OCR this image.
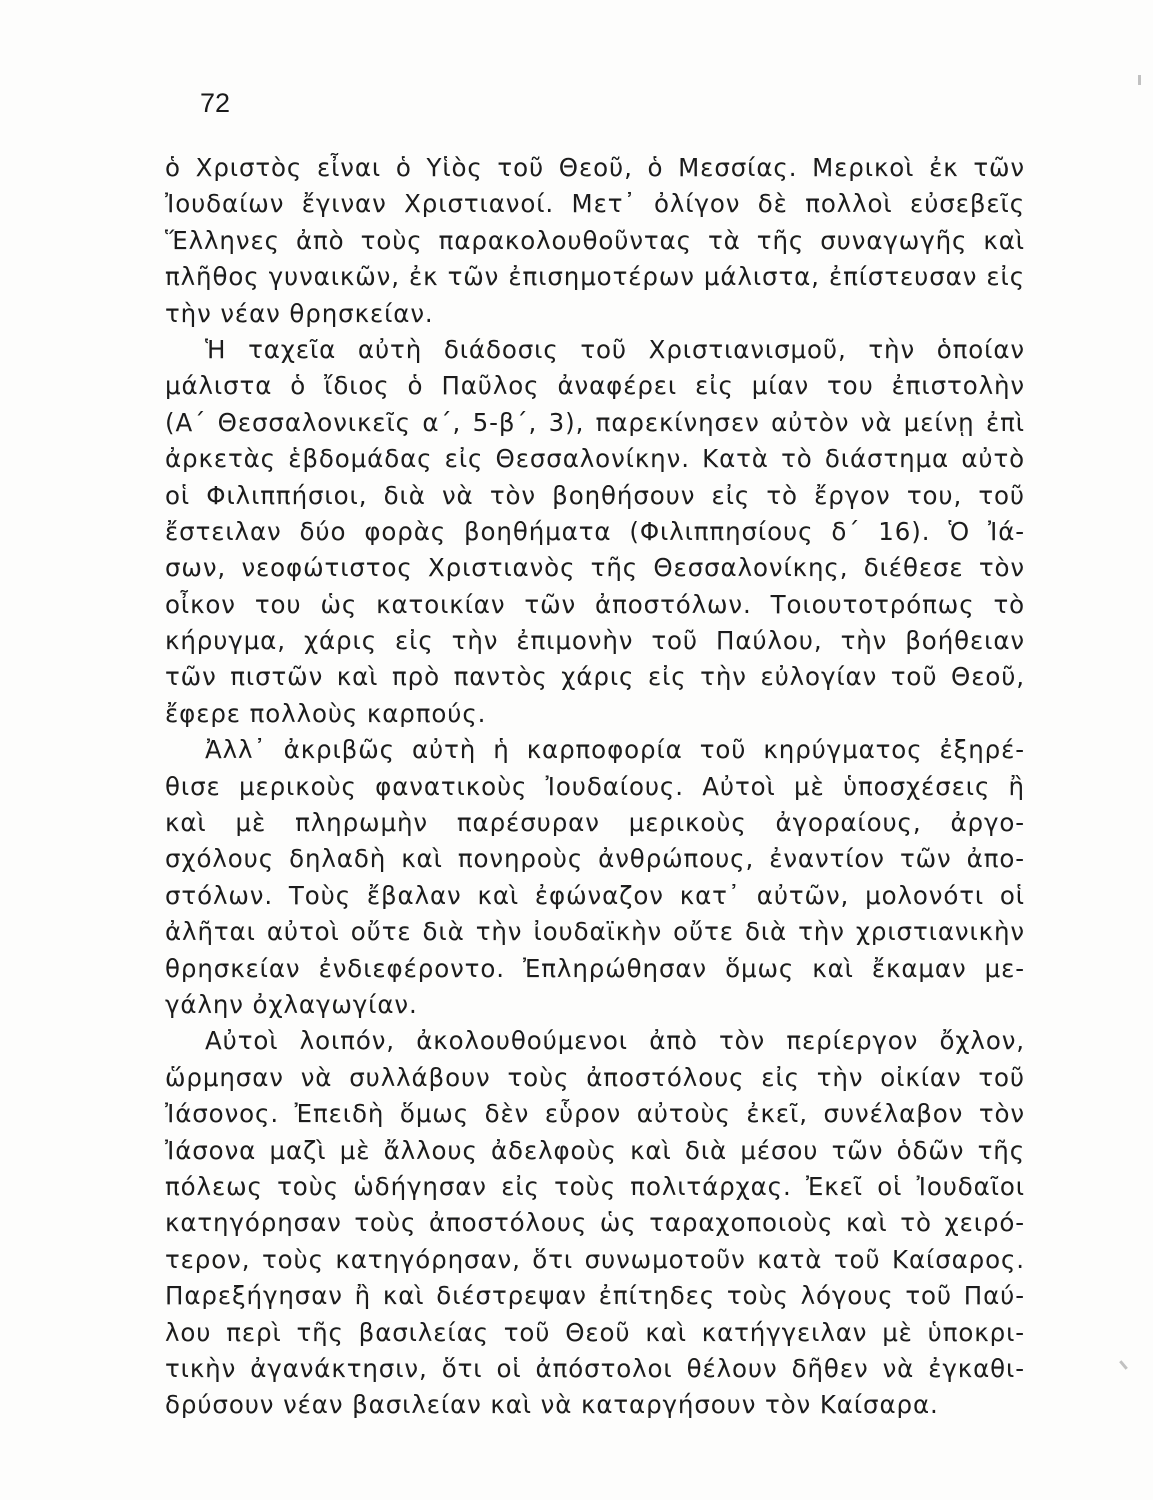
72
ὁ Χριστὸς εἶναι ὁ Υἱὸς τοῦ Θεοῦ, ὁ Μεσσίας. Μερικοὶ ἐκ τῶν
Ἰουδαίων ἔγιναν Χριστιανοί. Μετ᾽ ὀλίγον δὲ πολλοὶ εὐσεβεῖς
Ἕλληνες ἀπὸ τοὺς παρακολουθοῦντας τὰ τῆς συναγωγῆς καὶ
πλῆθος γυναικῶν, ἐκ τῶν ἐπισημοτέρων μάλιστα, ἐπίστευσαν εἰς
τὴν νέαν θρησκείαν.
Ἡ ταχεῖα αὐτὴ διάδοσις τοῦ Χριστιανισμοῦ, τὴν ὁποίαν
μάλιστα ὁ ἴδιος ὁ Παῦλος ἀναφέρει εἰς μίαν του ἐπιστολὴν
(Α´ Θεσσαλονικεῖς α´, 5-β´, 3), παρεκίνησεν αὐτὸν νὰ μείνῃ ἐπὶ
ἀρκετὰς ἑβδομάδας εἰς Θεσσαλονίκην. Κατὰ τὸ διάστημα αὐτὸ
οἱ Φιλιππήσιοι, διὰ νὰ τὸν βοηθήσουν εἰς τὸ ἔργον του, τοῦ
ἔστειλαν δύο φορὰς βοηθήματα (Φιλιππησίους δ´ 16). Ὁ Ἰά-
σων, νεοφώτιστος Χριστιανὸς τῆς Θεσσαλονίκης, διέθεσε τὸν
οἶκον του ὡς κατοικίαν τῶν ἀποστόλων. Τοιουτοτρόπως τὸ
κήρυγμα, χάρις εἰς τὴν ἐπιμονὴν τοῦ Παύλου, τὴν βοήθειαν
τῶν πιστῶν καὶ πρὸ παντὸς χάρις εἰς τὴν εὐλογίαν τοῦ Θεοῦ,
ἔφερε πολλοὺς καρπούς.
Ἀλλ᾽ ἀκριβῶς αὐτὴ ἡ καρποφορία τοῦ κηρύγματος ἐξηρέ-
θισε μερικοὺς φανατικοὺς Ἰουδαίους. Αὐτοὶ μὲ ὑποσχέσεις ἢ
καὶ μὲ πληρωμὴν παρέσυραν μερικοὺς ἀγοραίους, ἀργο-
σχόλους δηλαδὴ καὶ πονηροὺς ἀνθρώπους, ἐναντίον τῶν ἀπο-
στόλων. Τοὺς ἔβαλαν καὶ ἐφώναζον κατ᾽ αὐτῶν, μολονότι οἱ
ἀλῆται αὐτοὶ οὔτε διὰ τὴν ἰουδαϊκὴν οὔτε διὰ τὴν χριστιανικὴν
θρησκείαν ἐνδιεφέροντο. Ἐπληρώθησαν ὅμως καὶ ἔκαμαν με-
γάλην ὀχλαγωγίαν.
Αὐτοὶ λοιπόν, ἀκολουθούμενοι ἀπὸ τὸν περίεργον ὄχλον,
ὥρμησαν νὰ συλλάβουν τοὺς ἀποστόλους εἰς τὴν οἰκίαν τοῦ
Ἰάσονος. Ἐπειδὴ ὅμως δὲν εὗρον αὐτοὺς ἐκεῖ, συνέλαβον τὸν
Ἰάσονα μαζὶ μὲ ἄλλους ἀδελφοὺς καὶ διὰ μέσου τῶν ὁδῶν τῆς
πόλεως τοὺς ὡδήγησαν εἰς τοὺς πολιτάρχας. Ἐκεῖ οἱ Ἰουδαῖοι
κατηγόρησαν τοὺς ἀποστόλους ὡς ταραχοποιοὺς καὶ τὸ χειρό-
τερον, τοὺς κατηγόρησαν, ὅτι συνωμοτοῦν κατὰ τοῦ Καίσαρος.
Παρεξήγησαν ἢ καὶ διέστρεψαν ἐπίτηδες τοὺς λόγους τοῦ Παύ-
λου περὶ τῆς βασιλείας τοῦ Θεοῦ καὶ κατήγγειλαν μὲ ὑποκρι-
τικὴν ἀγανάκτησιν, ὅτι οἱ ἀπόστολοι θέλουν δῆθεν νὰ ἐγκαθι-
δρύσουν νέαν βασιλείαν καὶ νὰ καταργήσουν τὸν Καίσαρα.
